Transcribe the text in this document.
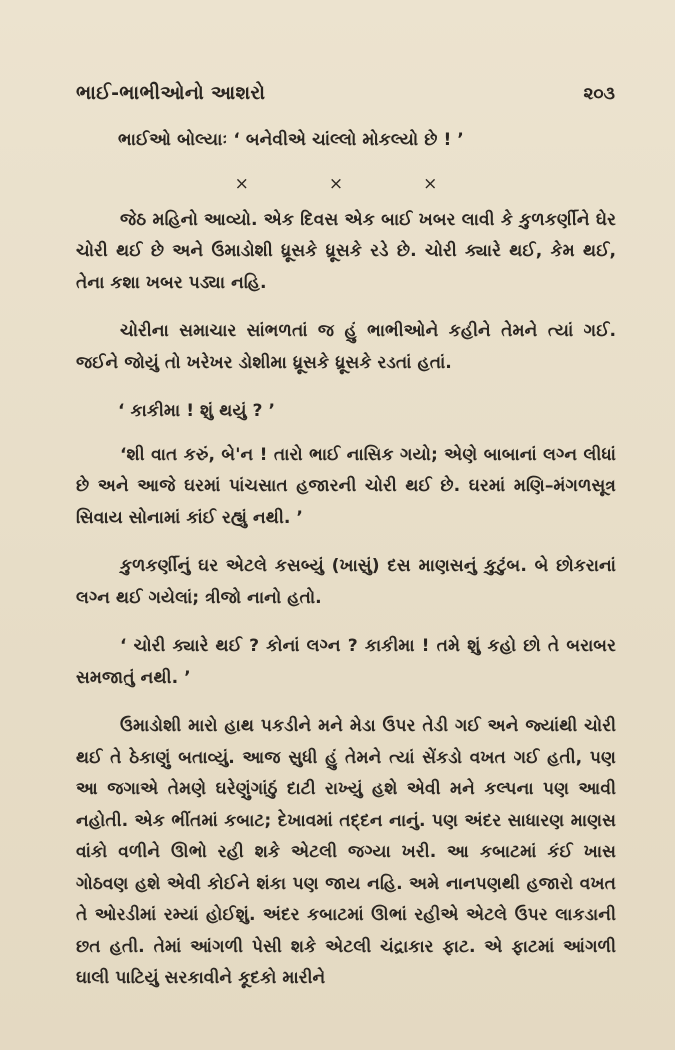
ભાઈ-ભાભીઓનો આશરો	૨૦૩

ભાઈઓ બોલ્યાઃ ‘ બનેવીએ ચાંલ્લો મોકલ્યો છે ! ’

×	×	×

જેઠ મહિનો આવ્યો. એક દિવસ એક બાઈ ખબર લાવી કે કુળકર્ણીને ઘેર ચોરી થઈ છે અને ઉમાડોશી ધ્રૂસકે ધ્રૂસકે રડે છે. ચોરી ક્યારે થઈ, કેમ થઈ, તેના કશા ખબર પડ્યા નહિ.

ચોરીના સમાચાર સાંભળતાં જ હું ભાભીઓને કહીને તેમને ત્યાં ગઈ. જઈને જોયું તો ખરેખર ડોશીમા ધ્રૂસકે ધ્રૂસકે રડતાં હતાં.

‘ કાકીમા ! શું થયું ? ’

‘શી વાત કરું, બે'ન ! તારો ભાઈ નાસિક ગયો; એણે બાબાનાં લગ્ન લીધાં છે અને આજે ઘરમાં પાંચસાત હજારની ચોરી થઈ છે. ઘરમાં મણિ–મંગળસૂત્ર સિવાય સોનામાં કાંઈ રહ્યું નથી. ’

કુળકર્ણીનું ઘર એટલે કસબ્યું (ખાસું) દસ માણસનું કુટુંબ. બે છોકરાનાં લગ્ન થઈ ગયેલાં; ત્રીજો નાનો હતો.

‘ ચોરી ક્યારે થઈ ? કોનાં લગ્ન ? કાકીમા ! તમે શું કહો છો તે બરાબર સમજાતું નથી. ’

ઉમાડોશી મારો હાથ પકડીને મને મેડા ઉપર તેડી ગઈ અને જ્યાંથી ચોરી થઈ તે ઠેકાણું બતાવ્યું. આજ સુધી હું તેમને ત્યાં સેંકડો વખત ગઈ હતી, પણ આ જગાએ તેમણે ઘરેણુંગાંઠું દાટી રાખ્યું હશે એવી મને કલ્પના પણ આવી નહોતી. એક ભીંતમાં કબાટ; દેખાવમાં તદ્દન નાનું. પણ અંદર સાધારણ માણસ વાંકો વળીને ઊભો રહી શકે એટલી જગ્યા ખરી. આ કબાટમાં કંઈ ખાસ ગોઠવણ હશે એવી કોઈને શંકા પણ જાય નહિ. અમે નાનપણથી હજારો વખત તે ઓરડીમાં રમ્યાં હોઈશું. અંદર કબાટમાં ઊભાં રહીએ એટલે ઉપર લાકડાની છત હતી. તેમાં આંગળી પેસી શકે એટલી ચંદ્રાકાર ફાટ. એ ફાટમાં આંગળી ઘાલી પાટિયું સરકાવીને કૂદકો મારીને
